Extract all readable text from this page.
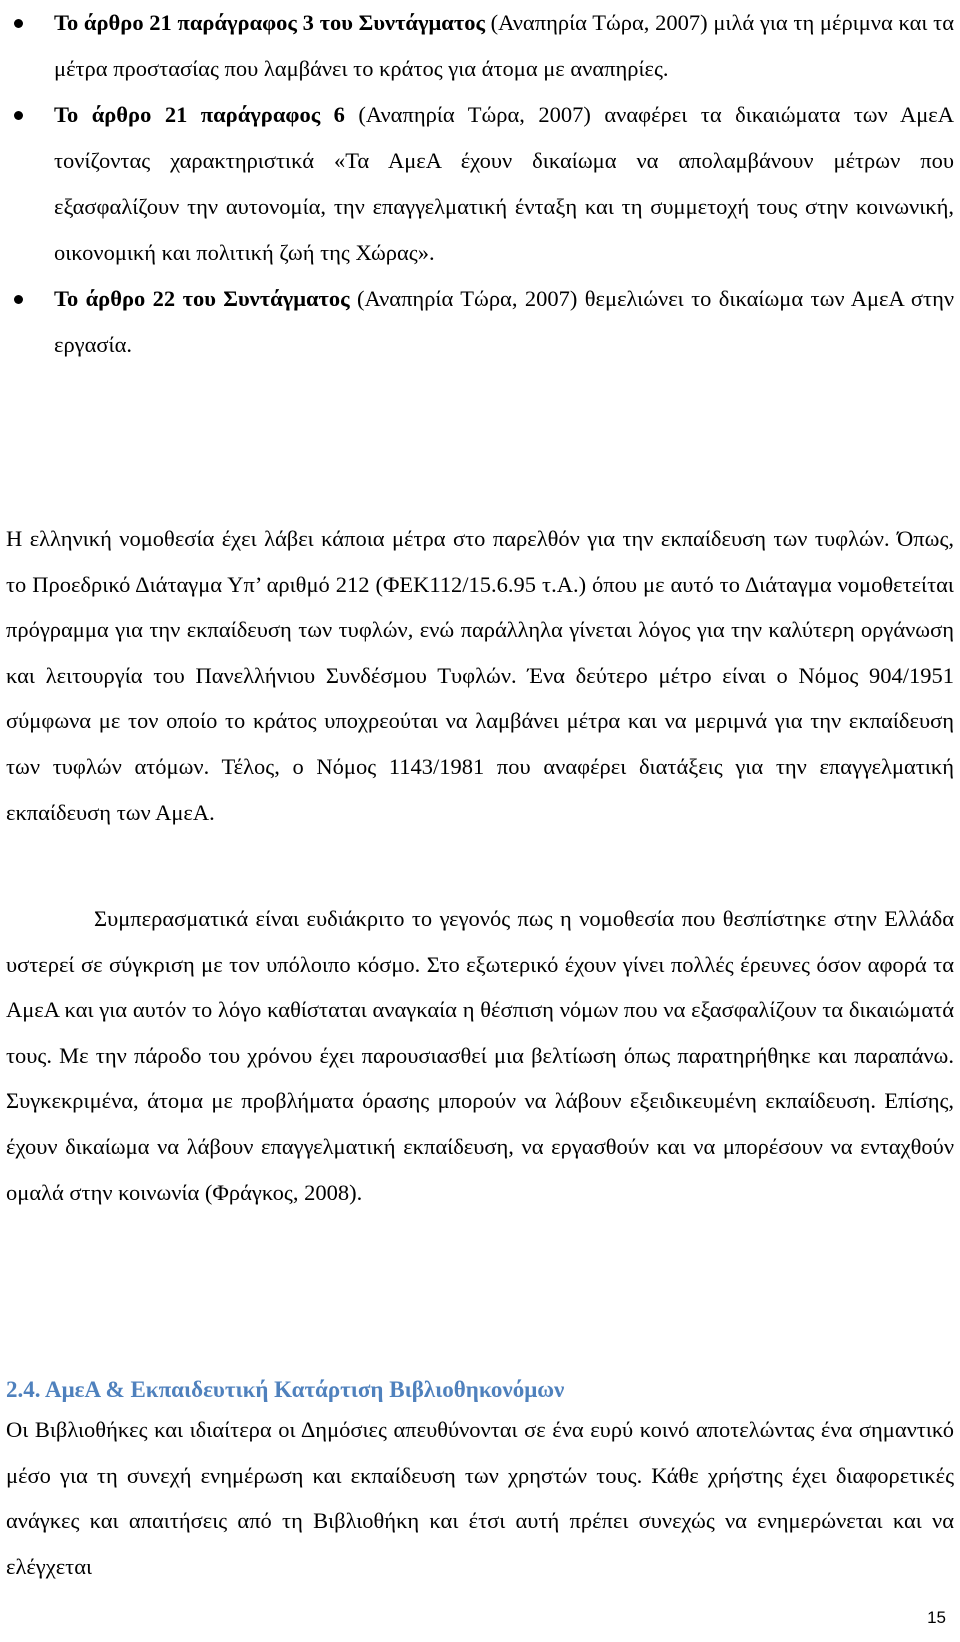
Το άρθρο 21 παράγραφος 3 του Συντάγματος (Αναπηρία Τώρα, 2007) μιλά για τη μέριμνα και τα μέτρα προστασίας που λαμβάνει το κράτος για άτομα με αναπηρίες.
Το άρθρο 21 παράγραφος 6 (Αναπηρία Τώρα, 2007) αναφέρει τα δικαιώματα των ΑμεΑ τονίζοντας χαρακτηριστικά «Τα ΑμεΑ έχουν δικαίωμα να απολαμβάνουν μέτρων που εξασφαλίζουν την αυτονομία, την επαγγελματική ένταξη και τη συμμετοχή τους στην κοινωνική, οικονομική και πολιτική ζωή της Χώρας».
Το άρθρο 22 του Συντάγματος (Αναπηρία Τώρα, 2007) θεμελιώνει το δικαίωμα των ΑμεΑ στην εργασία.

Η ελληνική νομοθεσία έχει λάβει κάποια μέτρα στο παρελθόν για την εκπαίδευση των τυφλών. Όπως, το Προεδρικό Διάταγμα Υπ’ αριθμό 212 (ΦΕΚ112/15.6.95 τ.Α.) όπου με αυτό το Διάταγμα νομοθετείται πρόγραμμα για την εκπαίδευση των τυφλών, ενώ παράλληλα γίνεται λόγος για την καλύτερη οργάνωση και λειτουργία του Πανελλήνιου Συνδέσμου Τυφλών. Ένα δεύτερο μέτρο είναι ο Νόμος 904/1951 σύμφωνα με τον οποίο το κράτος υποχρεούται να λαμβάνει μέτρα και να μεριμνά για την εκπαίδευση των τυφλών ατόμων. Τέλος, ο Νόμος 1143/1981 που αναφέρει διατάξεις για την επαγγελματική εκπαίδευση των ΑμεΑ.

Συμπερασματικά είναι ευδιάκριτο το γεγονός πως η νομοθεσία που θεσπίστηκε στην Ελλάδα υστερεί σε σύγκριση με τον υπόλοιπο κόσμο. Στο εξωτερικό έχουν γίνει πολλές έρευνες όσον αφορά τα ΑμεΑ και για αυτόν το λόγο καθίσταται αναγκαία η θέσπιση νόμων που να εξασφαλίζουν τα δικαιώματά τους. Με την πάροδο του χρόνου έχει παρουσιασθεί μια βελτίωση όπως παρατηρήθηκε και παραπάνω. Συγκεκριμένα, άτομα με προβλήματα όρασης μπορούν να λάβουν εξειδικευμένη εκπαίδευση. Επίσης, έχουν δικαίωμα να λάβουν επαγγελματική εκπαίδευση, να εργασθούν και να μπορέσουν να ενταχθούν ομαλά στην κοινωνία (Φράγκος, 2008).

2.4. ΑμεΑ & Εκπαιδευτική Κατάρτιση Βιβλιοθηκονόμων

Οι Βιβλιοθήκες και ιδιαίτερα οι Δημόσιες απευθύνονται σε ένα ευρύ κοινό αποτελώντας ένα σημαντικό μέσο για τη συνεχή ενημέρωση και εκπαίδευση των χρηστών τους. Κάθε χρήστης έχει διαφορετικές ανάγκες και απαιτήσεις από τη Βιβλιοθήκη και έτσι αυτή πρέπει συνεχώς να ενημερώνεται και να ελέγχεται

15
